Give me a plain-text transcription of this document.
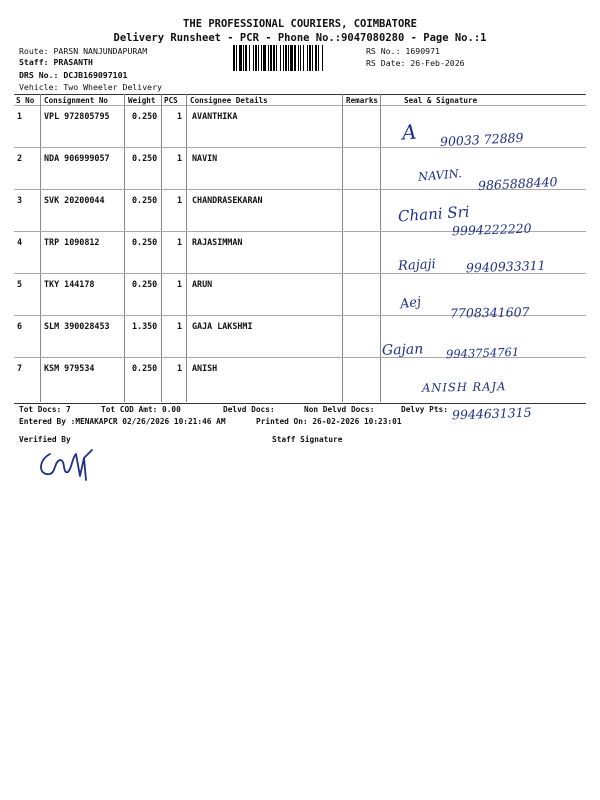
THE PROFESSIONAL COURIERS, COIMBATORE
Delivery Runsheet - PCR - Phone No.:9047080280 - Page No.:1
Route: PARSN NANJUNDAPURAM
Staff: PRASANTH
DRS No.: DCJB169097101
Vehicle: Two Wheeler Delivery
RS No.: 1690971
RS Date: 26-Feb-2026
S No Consignment No	Weight PCS Consignee Details	Remarks	Seal & Signature
1	VPL 972805795	0.250 1 AVANTHIKA
A 90033 72889
2	NDA 906999057	0.250 1 NAVIN
NAVIN. 9865888440
3	SVK 20200044	0.250 1 CHANDRASEKARAN
Chani Sri
9994222220
4	TRP 1090812	0.250 1 RAJASIMMAN
Rajaji 9940933311
5	TKY 144178	0.250 1 ARUN
Aej
7708341607
6	SLM 390028453	1.350 1 GAJA LAKSHMI
Gajan 9943754761
7	KSM 979534	0.250 1 ANISH
ANISH RAJA
9944631315
Tot Docs: 7	Tot COD Amt: 0.00	Delvd Docs:	Non Delvd Docs:	Delvy Pts:
Entered By :MENAKAPCR 02/26/2026 10:21:46 AM	Printed On: 26-02-2026 10:23:01
Verified By	Staff Signature
